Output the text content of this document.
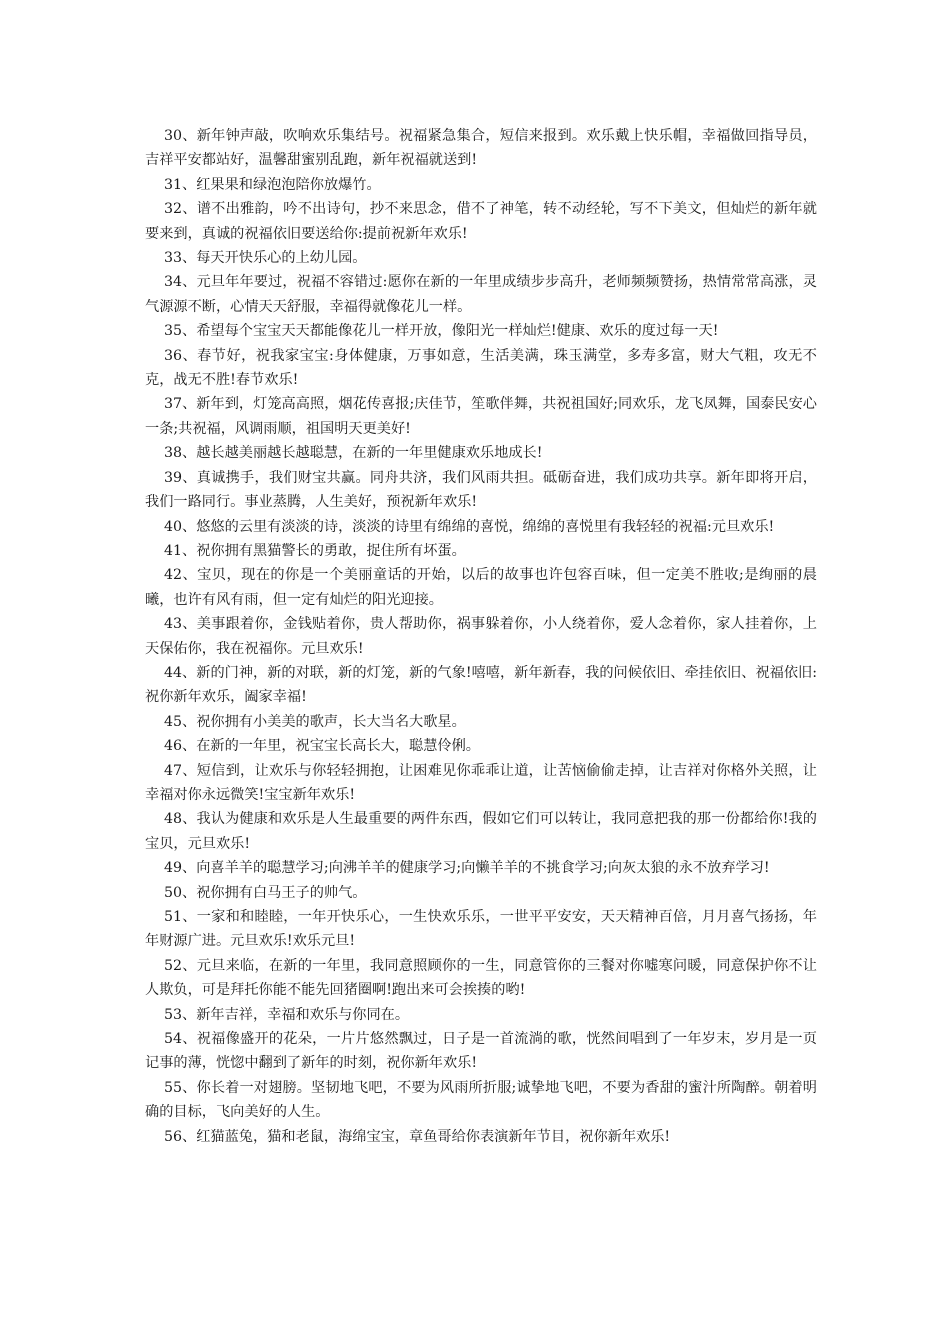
30、新年钟声敲，吹响欢乐集结号。祝福紧急集合，短信来报到。欢乐戴上快乐帽，幸福做回指导员，吉祥平安都站好，温馨甜蜜别乱跑，新年祝福就送到!

31、红果果和绿泡泡陪你放爆竹。

32、谱不出雅韵，吟不出诗句，抄不来思念，借不了神笔，转不动经轮，写不下美文，但灿烂的新年就要来到，真诚的祝福依旧要送给你:提前祝新年欢乐!

33、每天开快乐心的上幼儿园。

34、元旦年年要过，祝福不容错过:愿你在新的一年里成绩步步高升，老师频频赞扬，热情常常高涨，灵气源源不断，心情天天舒服，幸福得就像花儿一样。

35、希望每个宝宝天天都能像花儿一样开放，像阳光一样灿烂!健康、欢乐的度过每一天!

36、春节好，祝我家宝宝:身体健康，万事如意，生活美满，珠玉满堂，多寿多富，财大气粗，攻无不克，战无不胜!春节欢乐!

37、新年到，灯笼高高照，烟花传喜报;庆佳节，笙歌伴舞，共祝祖国好;同欢乐，龙飞凤舞，国泰民安心一条;共祝福，风调雨顺，祖国明天更美好!

38、越长越美丽越长越聪慧，在新的一年里健康欢乐地成长!

39、真诚携手，我们财宝共赢。同舟共济，我们风雨共担。砥砺奋进，我们成功共享。新年即将开启，我们一路同行。事业蒸腾，人生美好，预祝新年欢乐!

40、悠悠的云里有淡淡的诗，淡淡的诗里有绵绵的喜悦，绵绵的喜悦里有我轻轻的祝福:元旦欢乐!

41、祝你拥有黑猫警长的勇敢，捉住所有坏蛋。

42、宝贝，现在的你是一个美丽童话的开始，以后的故事也许包容百味，但一定美不胜收;是绚丽的晨曦，也许有风有雨，但一定有灿烂的阳光迎接。

43、美事跟着你，金钱贴着你，贵人帮助你，祸事躲着你，小人绕着你，爱人念着你，家人挂着你，上天保佑你，我在祝福你。元旦欢乐!

44、新的门神，新的对联，新的灯笼，新的气象!嘻嘻，新年新春，我的问候依旧、牵挂依旧、祝福依旧:祝你新年欢乐，阖家幸福!

45、祝你拥有小美美的歌声，长大当名大歌星。

46、在新的一年里，祝宝宝长高长大，聪慧伶俐。

47、短信到，让欢乐与你轻轻拥抱，让困难见你乖乖让道，让苦恼偷偷走掉，让吉祥对你格外关照，让幸福对你永远微笑!宝宝新年欢乐!

48、我认为健康和欢乐是人生最重要的两件东西，假如它们可以转让，我同意把我的那一份都给你!我的宝贝，元旦欢乐!

49、向喜羊羊的聪慧学习;向沸羊羊的健康学习;向懒羊羊的不挑食学习;向灰太狼的永不放弃学习!

50、祝你拥有白马王子的帅气。

51、一家和和睦睦，一年开快乐心，一生快欢乐乐，一世平平安安，天天精神百倍，月月喜气扬扬，年年财源广进。元旦欢乐!欢乐元旦!

52、元旦来临，在新的一年里，我同意照顾你的一生，同意管你的三餐对你嘘寒问暖，同意保护你不让人欺负，可是拜托你能不能先回猪圈啊!跑出来可会挨揍的哟!

53、新年吉祥，幸福和欢乐与你同在。

54、祝福像盛开的花朵，一片片悠然飘过，日子是一首流淌的歌，恍然间唱到了一年岁末，岁月是一页记事的薄，恍惚中翻到了新年的时刻，祝你新年欢乐!

55、你长着一对翅膀。坚韧地飞吧，不要为风雨所折服;诚挚地飞吧，不要为香甜的蜜汁所陶醉。朝着明确的目标，飞向美好的人生。

56、红猫蓝兔，猫和老鼠，海绵宝宝，章鱼哥给你表演新年节目，祝你新年欢乐!
